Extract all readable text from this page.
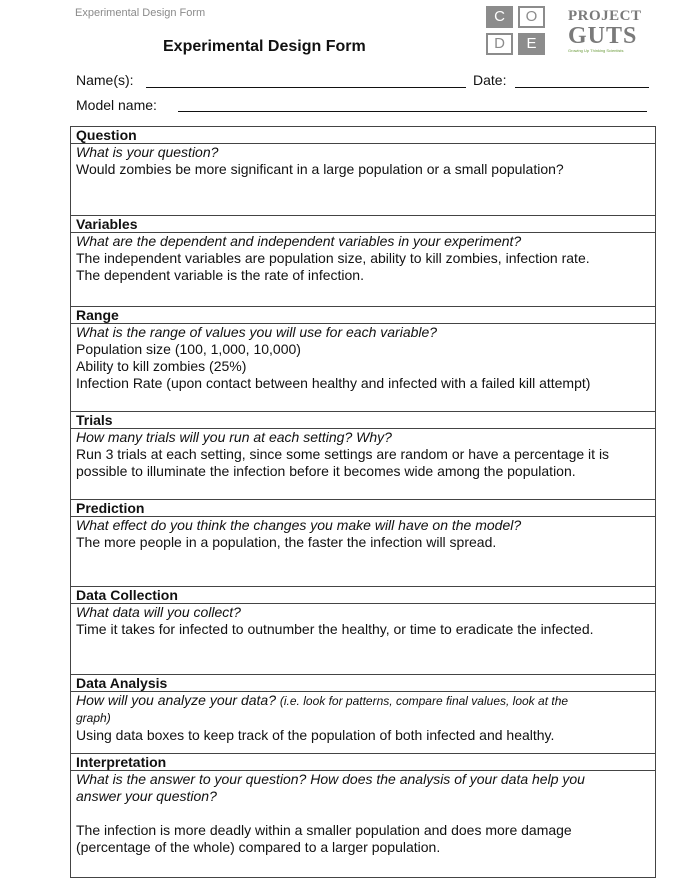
Experimental Design Form
Experimental Design Form
C	O
D	E
PROJECT
GUTS
Growing Up Thinking Scientists
Name(s):	Date:
Model name:
Question
What is your question?
Would zombies be more significant in a large population or a small population?
Variables
What are the dependent and independent variables in your experiment?
The independent variables are population size, ability to kill zombies, infection rate.
The dependent variable is the rate of infection.
Range
What is the range of values you will use for each variable?
Population size (100, 1,000, 10,000)
Ability to kill zombies (25%)
Infection Rate (upon contact between healthy and infected with a failed kill attempt)
Trials
How many trials will you run at each setting? Why?
Run 3 trials at each setting, since some settings are random or have a percentage it is
possible to illuminate the infection before it becomes wide among the population.
Prediction
What effect do you think the changes you make will have on the model?
The more people in a population, the faster the infection will spread.
Data Collection
What data will you collect?
Time it takes for infected to outnumber the healthy, or time to eradicate the infected.
Data Analysis
How will you analyze your data? (i.e. look for patterns, compare final values, look at the
graph)
Using data boxes to keep track of the population of both infected and healthy.
Interpretation
What is the answer to your question? How does the analysis of your data help you
answer your question?
The infection is more deadly within a smaller population and does more damage
(percentage of the whole) compared to a larger population.
